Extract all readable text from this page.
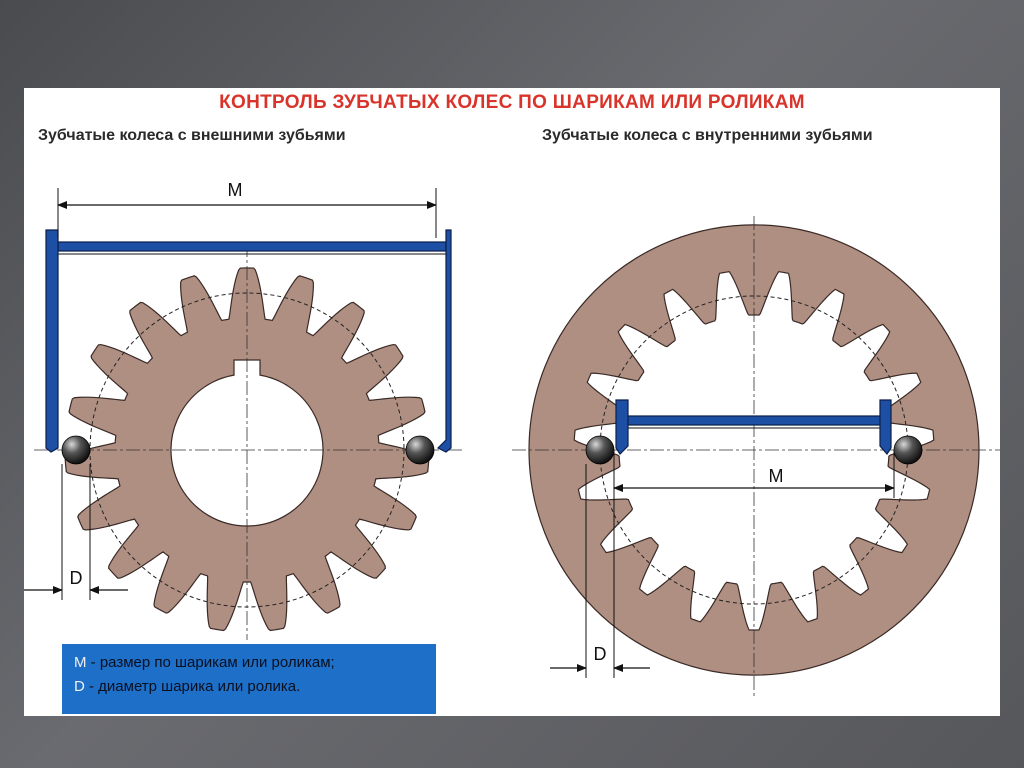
M
D
M
D
КОНТРОЛЬ ЗУБЧАТЫХ КОЛЕС ПО ШАРИКАМ ИЛИ РОЛИКАМ
Зубчатые колеса с внешними зубьями	Зубчатые колеса с внутренними зубьями
M - размер по шарикам или роликам;
D - диаметр шарика или ролика.
